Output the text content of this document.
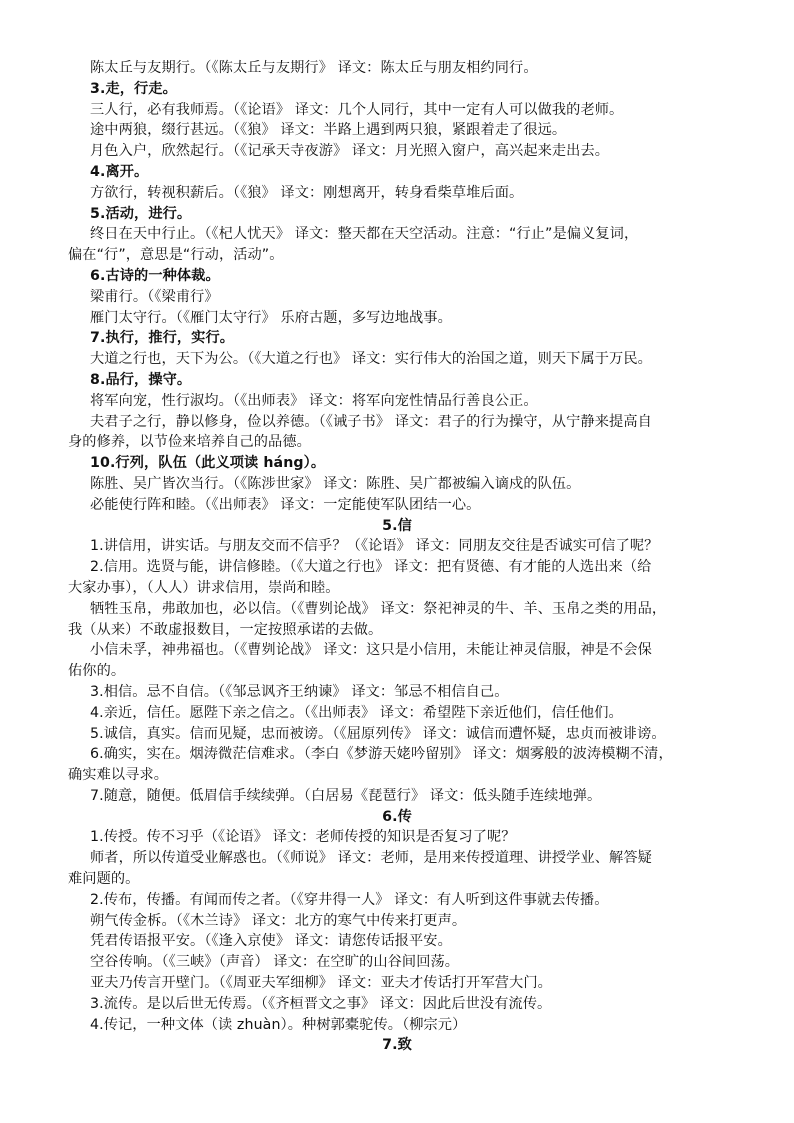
陈太丘与友期行。（《陈太丘与友期行》 译文：陈太丘与朋友相约同行。
3.走，行走。
三人行，必有我师焉。（《论语》 译文：几个人同行，其中一定有人可以做我的老师。
途中两狼，缀行甚远。（《狼》 译文：半路上遇到两只狼，紧跟着走了很远。
月色入户，欣然起行。（《记承天寺夜游》 译文：月光照入窗户，高兴起来走出去。
4.离开。
方欲行，转视积薪后。（《狼》 译文：刚想离开，转身看柴草堆后面。
5.活动，进行。
终日在天中行止。（《杞人忧天》 译文：整天都在天空活动。注意：“行止”是偏义复词，
偏在“行”，意思是“行动，活动”。
6.古诗的一种体裁。
梁甫行。（《梁甫行》
雁门太守行。（《雁门太守行》 乐府古题，多写边地战事。
7.执行，推行，实行。
大道之行也，天下为公。（《大道之行也》 译文：实行伟大的治国之道，则天下属于万民。
8.品行，操守。
将军向宠，性行淑均。（《出师表》 译文：将军向宠性情品行善良公正。
夫君子之行，静以修身，俭以养德。（《诫子书》 译文：君子的行为操守，从宁静来提高自
身的修养，以节俭来培养自己的品德。
10.行列，队伍（此义项读 háng）。
陈胜、吴广皆次当行。（《陈涉世家》 译文：陈胜、吴广都被编入谪戍的队伍。
必能使行阵和睦。（《出师表》 译文：一定能使军队团结一心。
5.信
1.讲信用，讲实话。与朋友交而不信乎？（《论语》 译文：同朋友交往是否诚实可信了呢？
2.信用。选贤与能，讲信修睦。（《大道之行也》 译文：把有贤德、有才能的人选出来（给
大家办事），（人人）讲求信用，崇尚和睦。
牺牲玉帛，弗敢加也，必以信。（《曹刿论战》 译文：祭祀神灵的牛、羊、玉帛之类的用品，
我（从来）不敢虚报数目，一定按照承诺的去做。
小信未孚，神弗福也。（《曹刿论战》 译文：这只是小信用，未能让神灵信服，神是不会保
佑你的。
3.相信。忌不自信。（《邹忌讽齐王纳谏》 译文：邹忌不相信自己。
4.亲近，信任。愿陛下亲之信之。（《出师表》 译文：希望陛下亲近他们，信任他们。
5.诚信，真实。信而见疑，忠而被谤。（《屈原列传》 译文：诚信而遭怀疑，忠贞而被诽谤。
6.确实，实在。烟涛微茫信难求。（李白《梦游天姥吟留别》 译文：烟雾般的波涛模糊不清，
确实难以寻求。
7.随意，随便。低眉信手续续弹。（白居易《琵琶行》 译文：低头随手连续地弹。
6.传
1.传授。传不习乎（《论语》 译文：老师传授的知识是否复习了呢？
师者，所以传道受业解惑也。（《师说》 译文：老师，是用来传授道理、讲授学业、解答疑
难问题的。
2.传布，传播。有闻而传之者。（《穿井得一人》 译文：有人听到这件事就去传播。
朔气传金柝。（《木兰诗》 译文：北方的寒气中传来打更声。
凭君传语报平安。（《逢入京使》 译文：请您传话报平安。
空谷传响。（《三峡》（声音） 译文：在空旷的山谷间回荡。
亚夫乃传言开壁门。（《周亚夫军细柳》 译文：亚夫才传话打开军营大门。
3.流传。是以后世无传焉。（《齐桓晋文之事》 译文：因此后世没有流传。
4.传记，一种文体（读 zhuàn）。种树郭橐驼传。（柳宗元）
7.致
